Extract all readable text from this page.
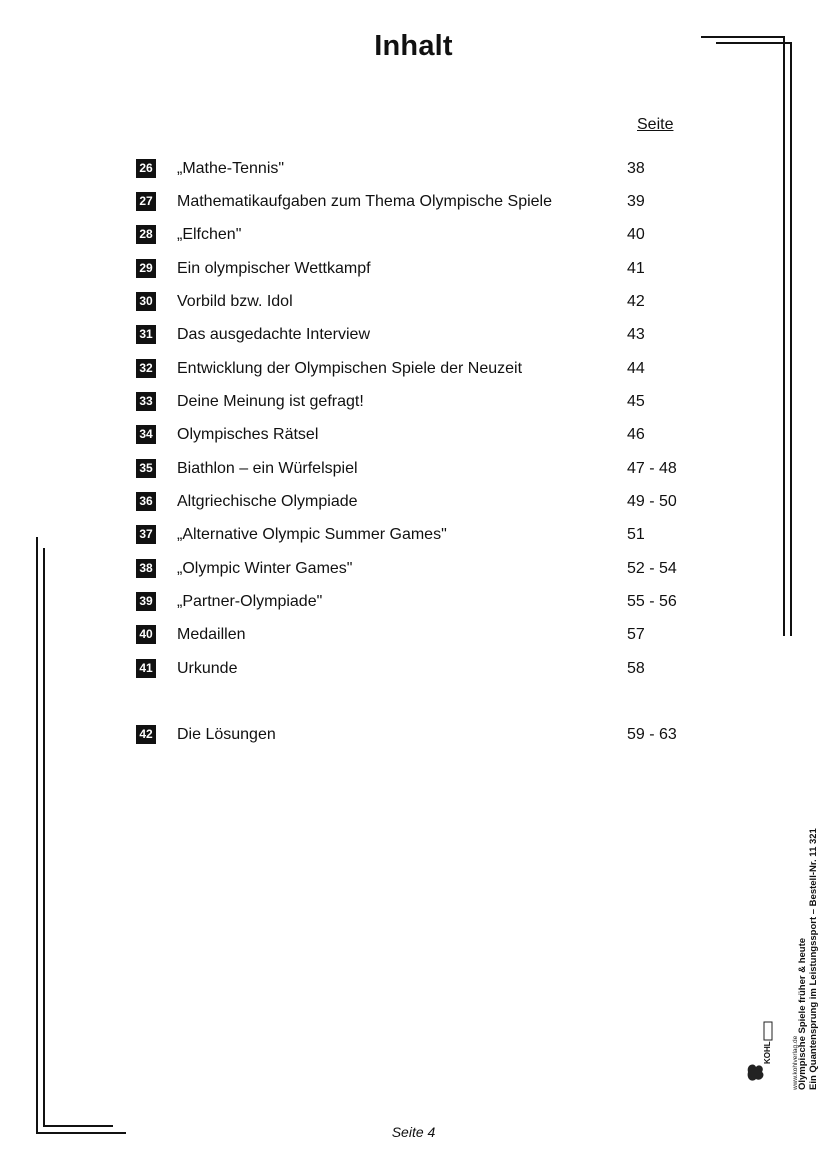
Inhalt
Seite
26 „Mathe-Tennis"	38
27 Mathematikaufgaben zum Thema Olympische Spiele	39
28 „Elfchen"	40
29 Ein olympischer Wettkampf	41
30 Vorbild bzw. Idol	42
31 Das ausgedachte Interview	43
32 Entwicklung der Olympischen Spiele der Neuzeit	44
33 Deine Meinung ist gefragt!	45
34 Olympisches Rätsel	46
35 Biathlon – ein Würfelspiel	47 - 48
36 Altgriechische Olympiade	49 - 50
37 „Alternative Olympic Summer Games"	51
38 „Olympic Winter Games"	52 - 54
39 „Partner-Olympiade"	55 - 56
40 Medaillen	57
41 Urkunde	58
42 Die Lösungen	59 - 63
KOHL	Olympische Spiele früher & heute Ein Quantensprung im Leistungssport – Bestell-Nr. 11 321
www.kohlverlag.de
Seite 4
